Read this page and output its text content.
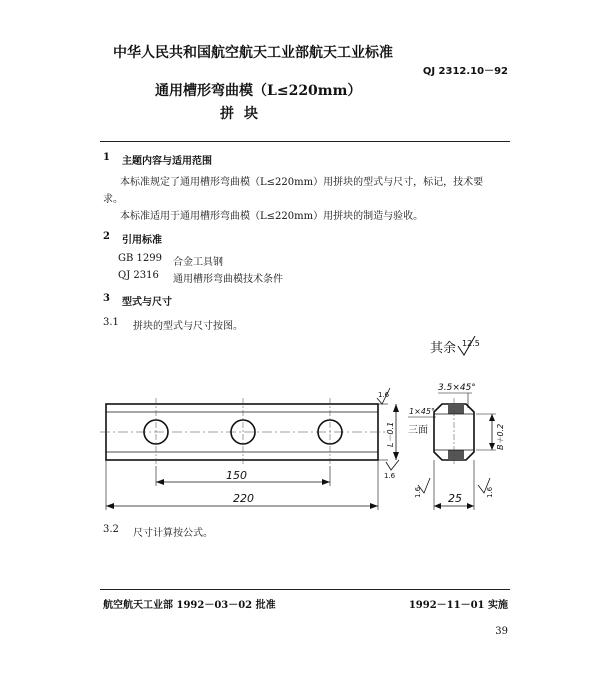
中华人民共和国航空航天工业部航天工业标准

QJ 2312.10－92

通用槽形弯曲模（L≤220mm）

拼块

1 主题内容与适用范围

本标准规定了通用槽形弯曲模（L≤220mm）用拼块的型式与尺寸，标记，技术要

求。

本标准适用于通用槽形弯曲模（L≤220mm）用拼块的制造与验收。

2 引用标准

GB 1299 合金工具钢

QJ 2316 通用槽形弯曲模技术条件

3 型式与尺寸

3.1 拼块的型式与尺寸按图。

其余 12.5
150
220
1.6
1.6
L－0.1
3.5×45°
1×45°
三面	B＋0.2
25
1.6	1.6

3.2 尺寸计算按公式。

航空航天工业部 1992－03－02 批准	1992－11－01 实施

39
